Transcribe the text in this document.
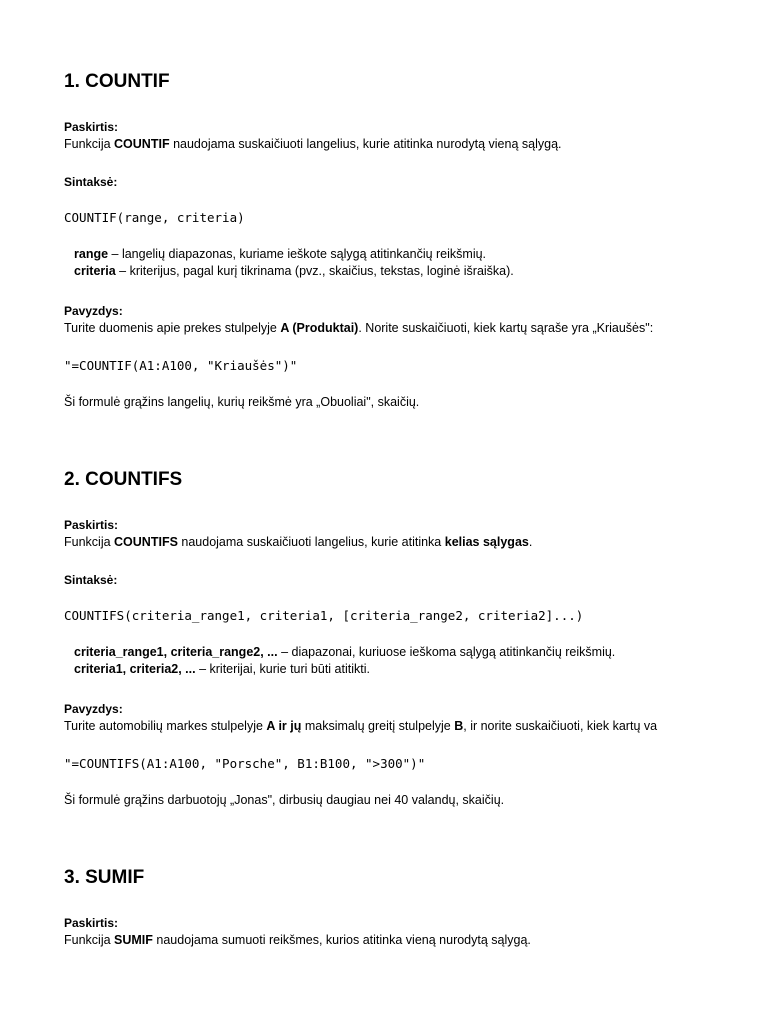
1. COUNTIF
Paskirtis:
Funkcija COUNTIF naudojama suskaičiuoti langelius, kurie atitinka nurodytą vieną sąlygą.
Sintaksė:
COUNTIF(range, criteria)
range – langelių diapazonas, kuriame ieškote sąlygą atitinkančių reikšmių.
criteria – kriterijus, pagal kurį tikrinama (pvz., skaičius, tekstas, loginė išraiška).
Pavyzdys:
Turite duomenis apie prekes stulpelyje A (Produktai). Norite suskaičiuoti, kiek kartų sąraše yra „Kriaušės":
"=COUNTIF(A1:A100, "Kriaušės")"
Ši formulė grąžins langelių, kurių reikšmė yra „Obuoliai", skaičių.
2. COUNTIFS
Paskirtis:
Funkcija COUNTIFS naudojama suskaičiuoti langelius, kurie atitinka kelias sąlygas.
Sintaksė:
COUNTIFS(criteria_range1, criteria1, [criteria_range2, criteria2]...)
criteria_range1, criteria_range2, ... – diapazonai, kuriuose ieškoma sąlygą atitinkančių reikšmių.
criteria1, criteria2, ... – kriterijai, kurie turi būti atitikti.
Pavyzdys:
Turite automobilių markes stulpelyje A ir jų maksimalų greitį stulpelyje B, ir norite suskaičiuoti, kiek kartų va
"=COUNTIFS(A1:A100, "Porsche", B1:B100, ">300")"
Ši formulė grąžins darbuotojų „Jonas", dirbusių daugiau nei 40 valandų, skaičių.
3. SUMIF
Paskirtis:
Funkcija SUMIF naudojama sumuoti reikšmes, kurios atitinka vieną nurodytą sąlygą.
